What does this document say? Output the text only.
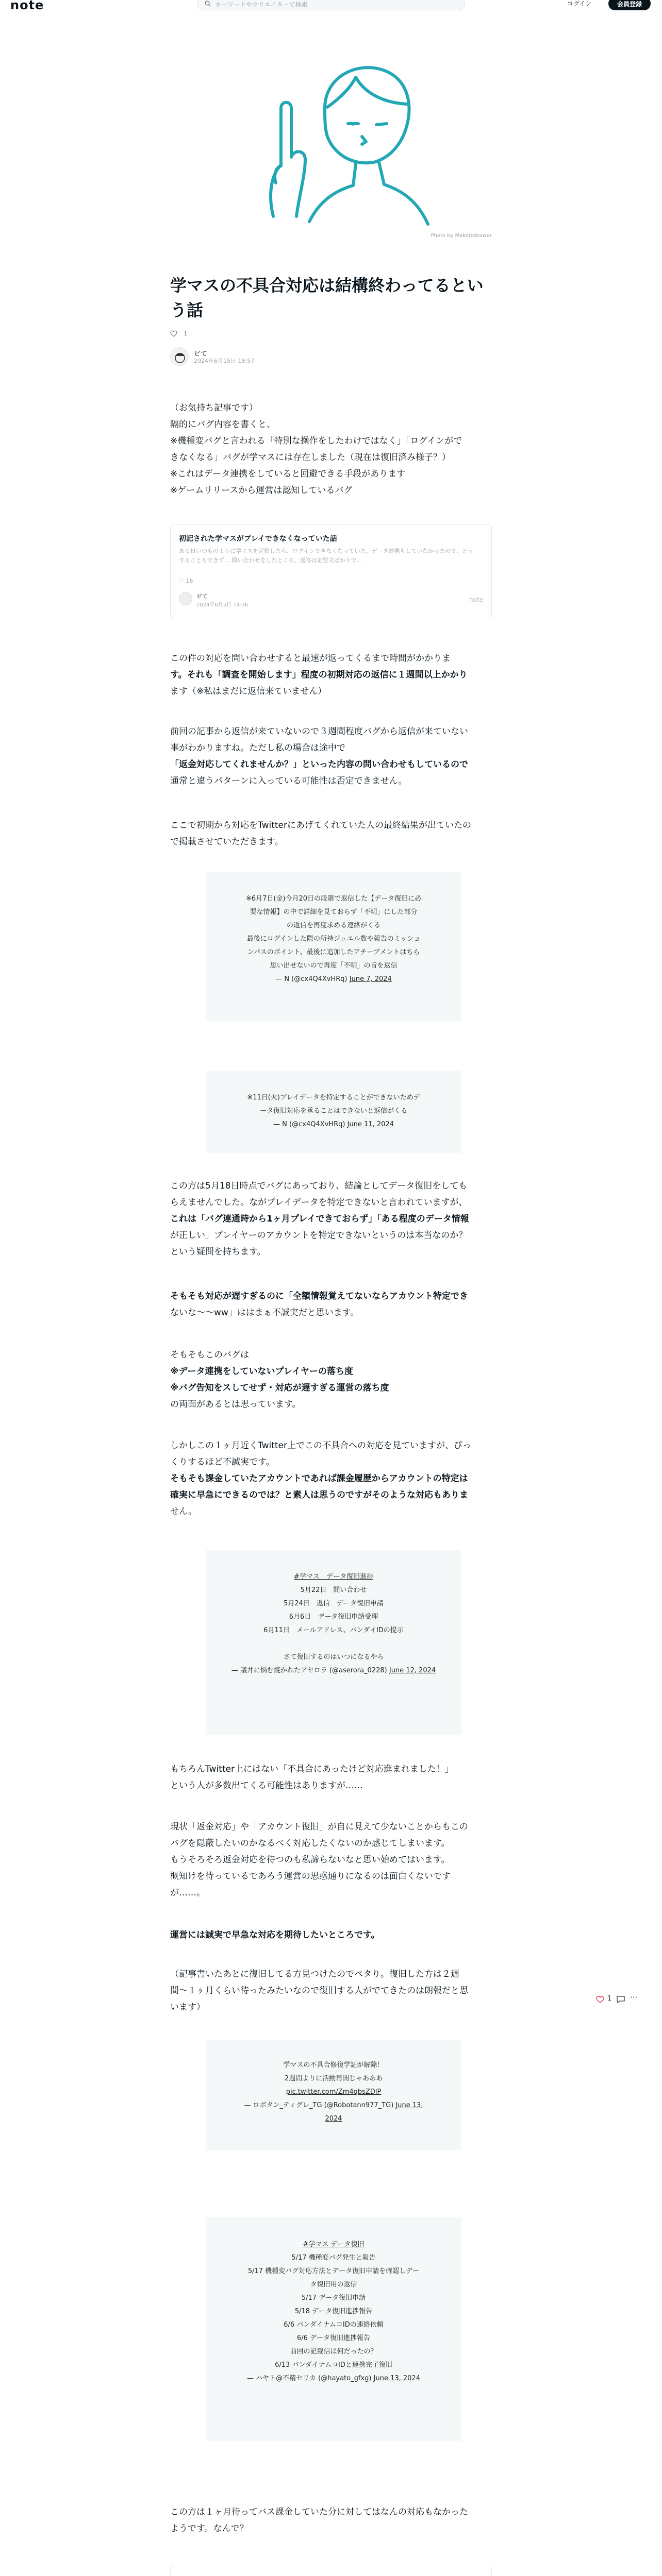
note	キーワードやクリエイターで検索	ログイン	会員登録
Photo by Makotodrawer
学マスの不具合対応は結構終わってるとい
う話
1
ビて
2024年6月15日 18:57
（お気持ち記事です）
隔的にバグ内容を書くと、
※機種変バグと言われる「特別な操作をしたわけではなく」「ログインがで
きなくなる」バグが学マスには存在しました（現在は復旧済み様子？）
※これはデータ連携をしていると回避できる手段があります
※ゲームリリースから運営は認知しているバグ
初記された学マスがプレイできなくなっていた話
ある日いつものように学マスを起動したら、ログインできなくなっていた。データ連携もしていなかったので、どうすることもできず… 問い合わせをしたところ、返答は定型文ばかりで…
♡ 16
ビて
2024年6月5日 14:36
note
この件の対応を問い合わせすると最速が返ってくるまで時間がかかりま
す。それも「調査を開始します」程度の初期対応の返信に１週間以上かかり
ます（※私はまだに返信来ていません）
前回の記事から返信が来ていないので３週間程度バグから返信が来ていない
事がわかりますね。ただし私の場合は途中で
「返金対応してくれませんか？」といった内容の問い合わせもしているので
通常と違うパターンに入っている可能性は否定できません。
ここで初期から対応をTwitterにあげてくれていた人の最終結果が出ていたの
で掲載させていただきます。
※6月7日(金)今月20日の段階で返信した【データ復旧に必
要な情報】の中で詳細を見ておらず「不明」にした部分
の返信を再度求める連絡がくる
最後にログインした際の所持ジュエル数や報告のミッショ
ンパスのポイント、最後に追加したアチーブメントはちら
思い出せないので再度「不明」の旨を返信
— N (@cx4Q4XvHRq) June 7, 2024
※11日(火)プレイデータを特定することができないためデ
ータ復旧対応を承ることはできないと返信がくる
— N (@cx4Q4XvHRq) June 11, 2024
この方は5月18日時点でバグにあっており、結論としてデータ復旧をしても
らえませんでした。ながプレイデータを特定できないと言われていますが、
これは「バグ連通時から1ヶ月プレイできておらず」「ある程度のデータ情報
が正しい」プレイヤーのアカウントを特定できないというのは本当なのか？
という疑問を持ちます。
そもそも対応が遅すぎるのに「全額情報覚えてないならアカウント特定でき
ないな〜〜ww」ははまぁ不誠実だと思います。
そもそもこのバグは
※データ連携をしていないプレイヤーの落ち度
※バグ告知をスしてせず・対応が遅すぎる運営の落ち度
の両面があるとは思っています。
しかしこの１ヶ月近くTwitter上でこの不具合への対応を見ていますが、ぴっ
くりするほど不誠実です。
そもそも課金していたアカウントであれば課金履歴からアカウントの特定は
確実に早急にできるのでは？と素人は思うのですがそのような対応もありま
せん。
#学マス　データ復旧進捗
5月22日　問い合わせ
5月24日　返信　データ復旧申請
6月6日　データ復旧申請受理
6月11日　メールアドレス、バンダイIDの提示
さて復旧するのはいつになるやら
— 議井に悩む焼かれたアセロラ (@aserora_0228) June 12, 2024
もちろんTwitter上にはない「不具合にあったけど対応進まれました！」
という人が多数出てくる可能性はありますが……
現状「返金対応」や「アカウント復旧」が自に見えて少ないことからもこの
バグを隠蔽したいのかなるべく対応したくないのか感じてしまいます。
もうそろそろ返金対応を待つのも私諦らないなと思い始めてはいます。
概知けを待っているであろう運営の思惑通りになるのは面白くないです
が……。
運営には誠実で早急な対応を期待したいところです。
（記事書いたあとに復旧してる方見つけたのでペタり。復旧した方は２週
間〜１ヶ月くらい待ったみたいなので復旧する人がでてきたのは朗報だと思
います）
学マスの不具合修復学証が解除！
2週間よりに活動再開じゃあああ
pic.twitter.com/Zm4qbsZDlP
— ロボタン_ティグレ_TG (@Robotann977_TG) June 13,
2024
#学マス データ復旧
5/17 機種変バグ発生と報告
5/17 機種変バグ対応方法とデータ復旧申請を確認しデー
タ復旧用の返信
5/17 データ復旧申請
5/18 データ復旧進捗報告
6/6 バンダイナムコIDの連絡依頼
6/6 データ復旧進捗報告
前回の記載信は何だったの？
6/13 バンダイナムコIDと連携完了復旧
— ハヤト@不精セリカ (@hayato_gfxg) June 13, 2024
この方は１ヶ月待ってバス課金していた分に対してはなんの対応もなかった
ようです。なんで？
1 ···
